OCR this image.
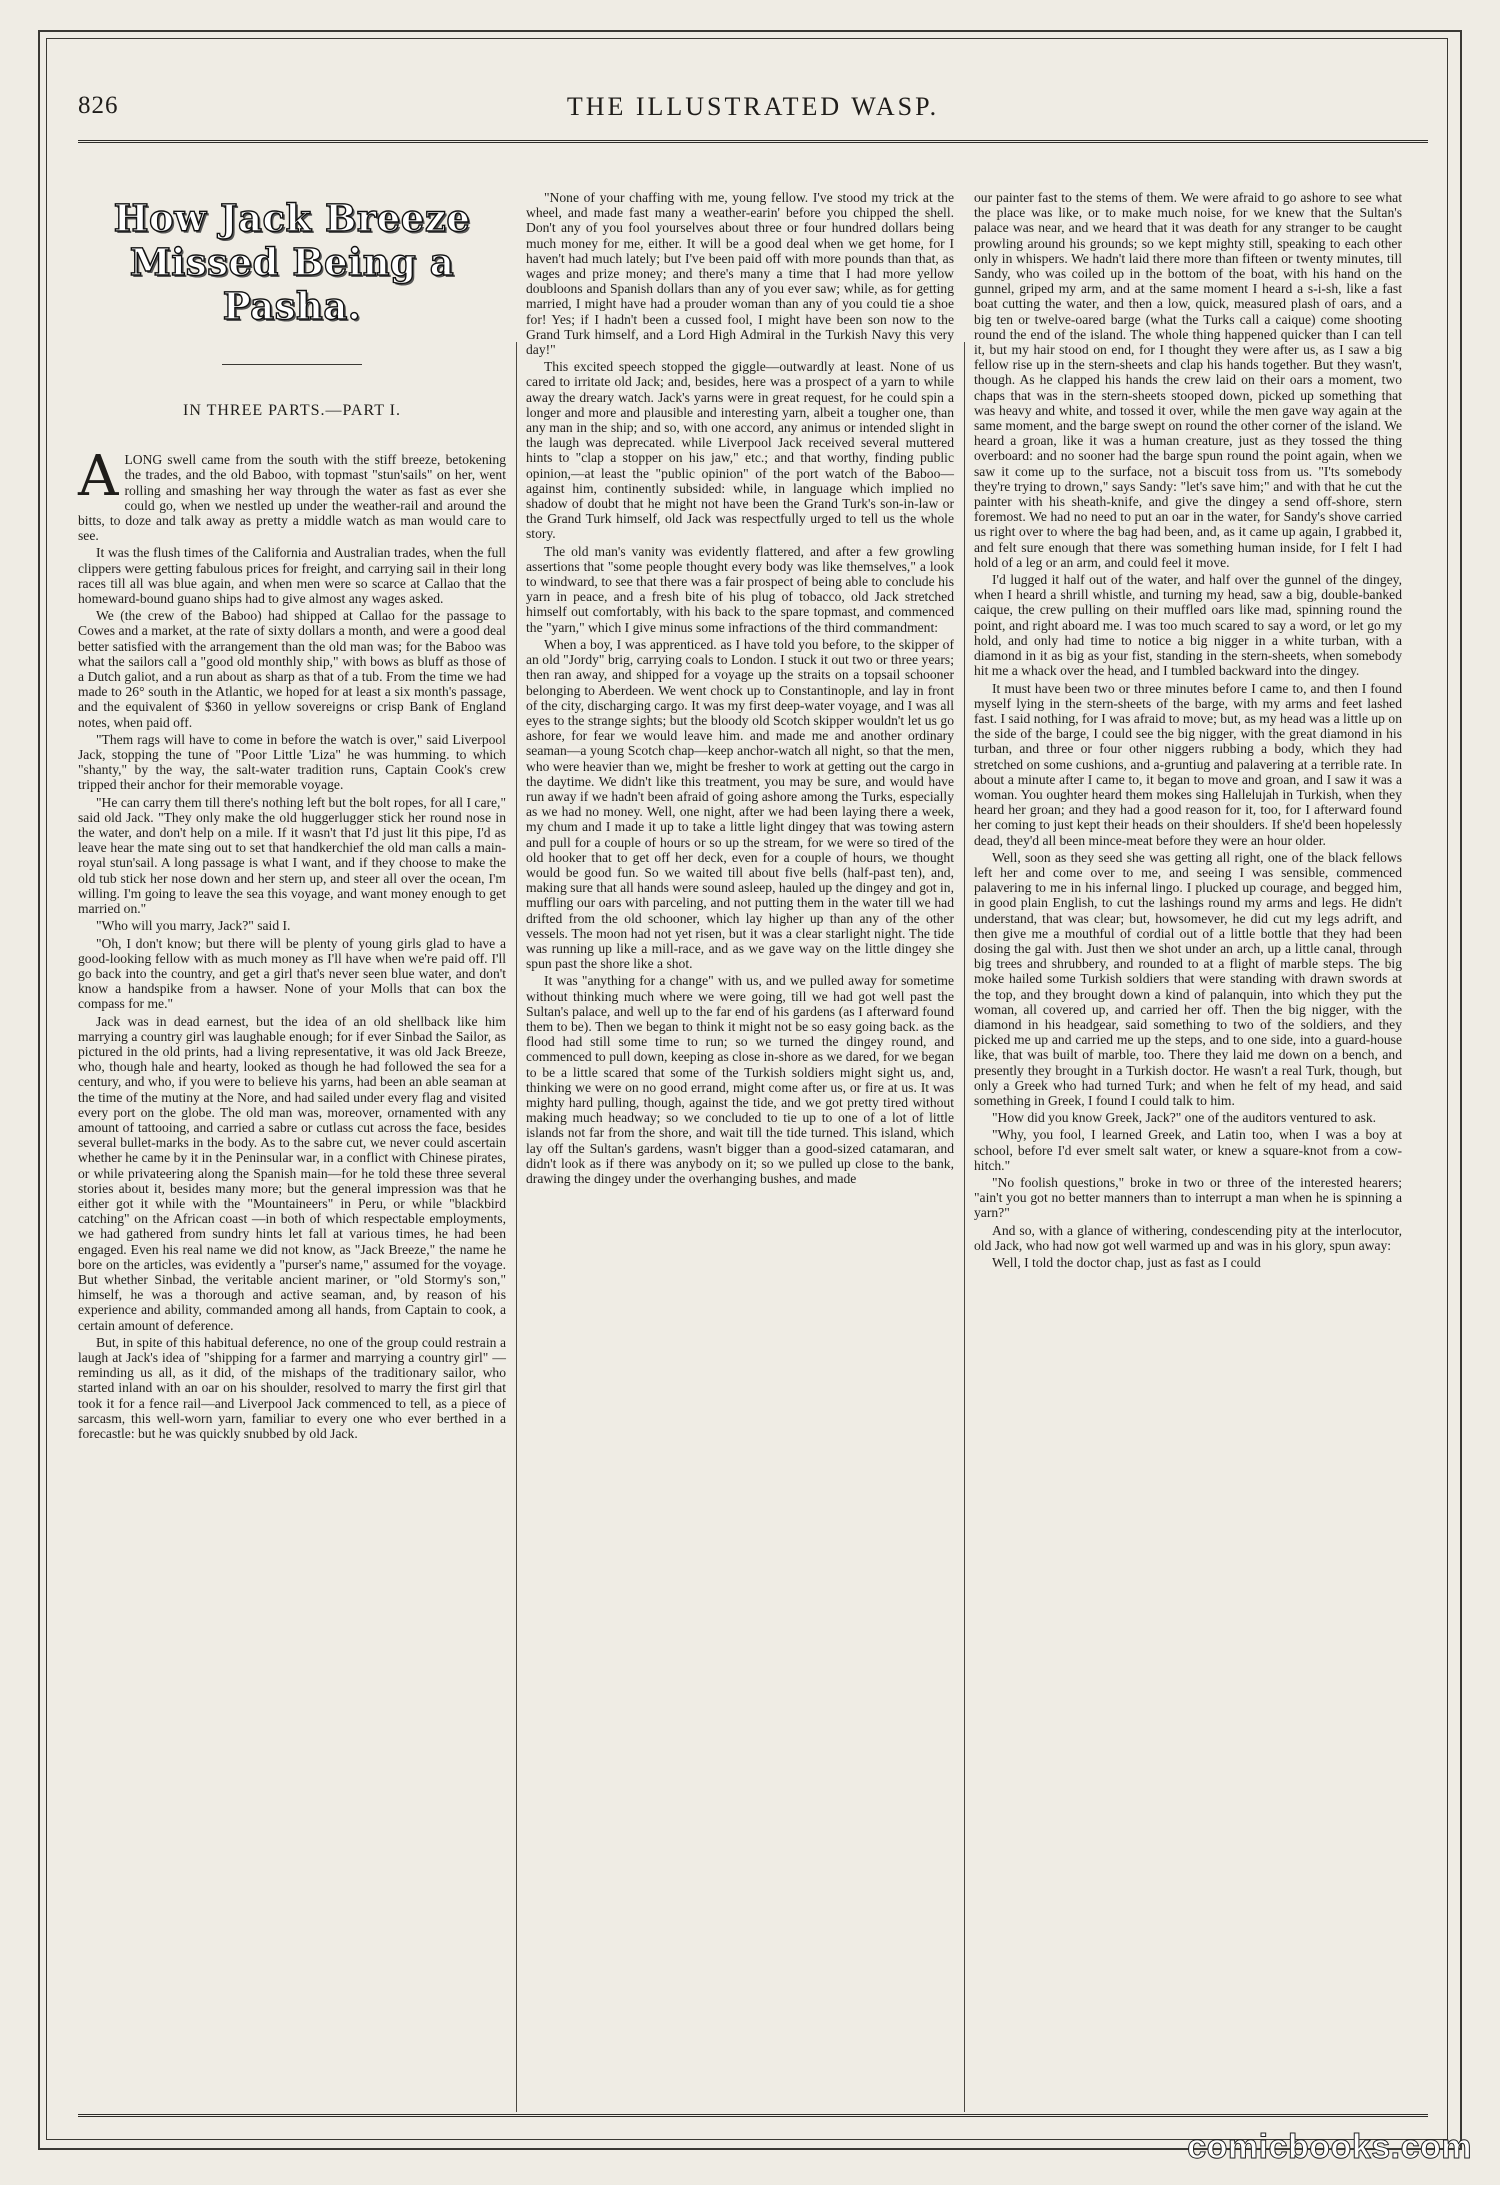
THE ILLUSTRATED WASP.
826
How Jack Breeze Missed Being a Pasha.
IN THREE PARTS.—PART I.

ALONG swell came from the south with the stiff breeze, betokening the trades, and the old Baboo, with topmast "stun'sails" on her, went rolling and smashing her way through the water as fast as ever she could go, when we nestled up under the weather-rail and around the bitts, to doze and talk away as pretty a middle watch as man would care to see.

It was the flush times of the California and Australian trades, when the full clippers were getting fabulous prices for freight, and carrying sail in their long races till all was blue again, and when men were so scarce at Callao that the homeward-bound guano ships had to give almost any wages asked.

We (the crew of the Baboo) had shipped at Callao for the passage to Cowes and a market, at the rate of sixty dollars a month, and were a good deal better satisfied with the arrangement than the old man was; for the Baboo was what the sailors call a "good old monthly ship," with bows as bluff as those of a Dutch galiot, and a run about as sharp as that of a tub. From the time we had made to 26° south in the Atlantic, we hoped for at least a six month's passage, and the equivalent of $360 in yellow sovereigns or crisp Bank of England notes, when paid off.

"Them rags will have to come in before the watch is over," said Liverpool Jack, stopping the tune of "Poor Little 'Liza" he was humming. to which "shanty," by the way, the salt-water tradition runs, Captain Cook's crew tripped their anchor for their memorable voyage.

"He can carry them till there's nothing left but the bolt ropes, for all I care," said old Jack. "They only make the old huggerlugger stick her round nose in the water, and don't help on a mile. If it wasn't that I'd just lit this pipe, I'd as leave hear the mate sing out to set that handkerchief the old man calls a main-royal stun'sail. A long passage is what I want, and if they choose to make the old tub stick her nose down and her stern up, and steer all over the ocean, I'm willing. I'm going to leave the sea this voyage, and want money enough to get married on."

"Who will you marry, Jack?" said I.

"Oh, I don't know; but there will be plenty of young girls glad to have a good-looking fellow with as much money as I'll have when we're paid off. I'll go back into the country, and get a girl that's never seen blue water, and don't know a handspike from a hawser. None of your Molls that can box the compass for me."

Jack was in dead earnest, but the idea of an old shellback like him marrying a country girl was laughable enough; for if ever Sinbad the Sailor, as pictured in the old prints, had a living representative, it was old Jack Breeze, who, though hale and hearty, looked as though he had followed the sea for a century, and who, if you were to believe his yarns, had been an able seaman at the time of the mutiny at the Nore, and had sailed under every flag and visited every port on the globe. The old man was, moreover, ornamented with any amount of tattooing, and carried a sabre or cutlass cut across the face, besides several bullet-marks in the body. As to the sabre cut, we never could ascertain whether he came by it in the Peninsular war, in a conflict with Chinese pirates, or while privateering along the Spanish main—for he told these three several stories about it, besides many more; but the general impression was that he either got it while with the "Mountaineers" in Peru, or while "blackbird catching" on the African coast —in both of which respectable employments, we had gathered from sundry hints let fall at various times, he had been engaged. Even his real name we did not know, as "Jack Breeze," the name he bore on the articles, was evidently a "purser's name," assumed for the voyage. But whether Sinbad, the veritable ancient mariner, or "old Stormy's son," himself, he was a thorough and active seaman, and, by reason of his experience and ability, commanded among all hands, from Captain to cook, a certain amount of deference.

But, in spite of this habitual deference, no one of the group could restrain a laugh at Jack's idea of "shipping for a farmer and marrying a country girl" —reminding us all, as it did, of the mishaps of the traditionary sailor, who started inland with an oar on his shoulder, resolved to marry the first girl that took it for a fence rail—and Liverpool Jack commenced to tell, as a piece of sarcasm, this well-worn yarn, familiar to every one who ever berthed in a forecastle: but he was quickly snubbed by old Jack.

"None of your chaffing with me, young fellow. I've stood my trick at the wheel, and made fast many a weather-earin' before you chipped the shell. Don't any of you fool yourselves about three or four hundred dollars being much money for me, either. It will be a good deal when we get home, for I haven't had much lately; but I've been paid off with more pounds than that, as wages and prize money; and there's many a time that I had more yellow doubloons and Spanish dollars than any of you ever saw; while, as for getting married, I might have had a prouder woman than any of you could tie a shoe for! Yes; if I hadn't been a cussed fool, I might have been son now to the Grand Turk himself, and a Lord High Admiral in the Turkish Navy this very day!"

This excited speech stopped the giggle—outwardly at least. None of us cared to irritate old Jack; and, besides, here was a prospect of a yarn to while away the dreary watch. Jack's yarns were in great request, for he could spin a longer and more and plausible and interesting yarn, albeit a tougher one, than any man in the ship; and so, with one accord, any animus or intended slight in the laugh was deprecated. while Liverpool Jack received several muttered hints to "clap a stopper on his jaw," etc.; and that worthy, finding public opinion,—at least the "public opinion" of the port watch of the Baboo—against him, continently subsided: while, in language which implied no shadow of doubt that he might not have been the Grand Turk's son-in-law or the Grand Turk himself, old Jack was respectfully urged to tell us the whole story.

The old man's vanity was evidently flattered, and after a few growling assertions that "some people thought every body was like themselves," a look to windward, to see that there was a fair prospect of being able to conclude his yarn in peace, and a fresh bite of his plug of tobacco, old Jack stretched himself out comfortably, with his back to the spare topmast, and commenced the "yarn," which I give minus some infractions of the third commandment:

When a boy, I was apprenticed. as I have told you before, to the skipper of an old "Jordy" brig, carrying coals to London. I stuck it out two or three years; then ran away, and shipped for a voyage up the straits on a topsail schooner belonging to Aberdeen. We went chock up to Constantinople, and lay in front of the city, discharging cargo. It was my first deep-water voyage, and I was all eyes to the strange sights; but the bloody old Scotch skipper wouldn't let us go ashore, for fear we would leave him. and made me and another ordinary seaman—a young Scotch chap—keep anchor-watch all night, so that the men, who were heavier than we, might be fresher to work at getting out the cargo in the daytime. We didn't like this treatment, you may be sure, and would have run away if we hadn't been afraid of going ashore among the Turks, especially as we had no money. Well, one night, after we had been laying there a week, my chum and I made it up to take a little light dingey that was towing astern and pull for a couple of hours or so up the stream, for we were so tired of the old hooker that to get off her deck, even for a couple of hours, we thought would be good fun. So we waited till about five bells (half-past ten), and, making sure that all hands were sound asleep, hauled up the dingey and got in, muffling our oars with parceling, and not putting them in the water till we had drifted from the old schooner, which lay higher up than any of the other vessels. The moon had not yet risen, but it was a clear starlight night. The tide was running up like a mill-race, and as we gave way on the little dingey she spun past the shore like a shot.

It was "anything for a change" with us, and we pulled away for sometime without thinking much where we were going, till we had got well past the Sultan's palace, and well up to the far end of his gardens (as I afterward found them to be). Then we began to think it might not be so easy going back. as the flood had still some time to run; so we turned the dingey round, and commenced to pull down, keeping as close in-shore as we dared, for we began to be a little scared that some of the Turkish soldiers might sight us, and, thinking we were on no good errand, might come after us, or fire at us. It was mighty hard pulling, though, against the tide, and we got pretty tired without making much headway; so we concluded to tie up to one of a lot of little islands not far from the shore, and wait till the tide turned. This island, which lay off the Sultan's gardens, wasn't bigger than a good-sized catamaran, and didn't look as if there was anybody on it; so we pulled up close to the bank, drawing the dingey under the overhanging bushes, and made

our painter fast to the stems of them. We were afraid to go ashore to see what the place was like, or to make much noise, for we knew that the Sultan's palace was near, and we heard that it was death for any stranger to be caught prowling around his grounds; so we kept mighty still, speaking to each other only in whispers. We hadn't laid there more than fifteen or twenty minutes, till Sandy, who was coiled up in the bottom of the boat, with his hand on the gunnel, griped my arm, and at the same moment I heard a s-i-sh, like a fast boat cutting the water, and then a low, quick, measured plash of oars, and a big ten or twelve-oared barge (what the Turks call a caique) come shooting round the end of the island. The whole thing happened quicker than I can tell it, but my hair stood on end, for I thought they were after us, as I saw a big fellow rise up in the stern-sheets and clap his hands together. But they wasn't, though. As he clapped his hands the crew laid on their oars a moment, two chaps that was in the stern-sheets stooped down, picked up something that was heavy and white, and tossed it over, while the men gave way again at the same moment, and the barge swept on round the other corner of the island. We heard a groan, like it was a human creature, just as they tossed the thing overboard: and no sooner had the barge spun round the point again, when we saw it come up to the surface, not a biscuit toss from us. "I'ts somebody they're trying to drown," says Sandy: "let's save him;" and with that he cut the painter with his sheath-knife, and give the dingey a send off-shore, stern foremost. We had no need to put an oar in the water, for Sandy's shove carried us right over to where the bag had been, and, as it came up again, I grabbed it, and felt sure enough that there was something human inside, for I felt I had hold of a leg or an arm, and could feel it move.

I'd lugged it half out of the water, and half over the gunnel of the dingey, when I heard a shrill whistle, and turning my head, saw a big, double-banked caique, the crew pulling on their muffled oars like mad, spinning round the point, and right aboard me. I was too much scared to say a word, or let go my hold, and only had time to notice a big nigger in a white turban, with a diamond in it as big as your fist, standing in the stern-sheets, when somebody hit me a whack over the head, and I tumbled backward into the dingey.

It must have been two or three minutes before I came to, and then I found myself lying in the stern-sheets of the barge, with my arms and feet lashed fast. I said nothing, for I was afraid to move; but, as my head was a little up on the side of the barge, I could see the big nigger, with the great diamond in his turban, and three or four other niggers rubbing a body, which they had stretched on some cushions, and a-gruntiug and palavering at a terrible rate. In about a minute after I came to, it began to move and groan, and I saw it was a woman. You oughter heard them mokes sing Hallelujah in Turkish, when they heard her groan; and they had a good reason for it, too, for I afterward found her coming to just kept their heads on their shoulders. If she'd been hopelessly dead, they'd all been mince-meat before they were an hour older.

Well, soon as they seed she was getting all right, one of the black fellows left her and come over to me, and seeing I was sensible, commenced palavering to me in his infernal lingo. I plucked up courage, and begged him, in good plain English, to cut the lashings round my arms and legs. He didn't understand, that was clear; but, howsomever, he did cut my legs adrift, and then give me a mouthful of cordial out of a little bottle that they had been dosing the gal with. Just then we shot under an arch, up a little canal, through big trees and shrubbery, and rounded to at a flight of marble steps. The big moke hailed some Turkish soldiers that were standing with drawn swords at the top, and they brought down a kind of palanquin, into which they put the woman, all covered up, and carried her off. Then the big nigger, with the diamond in his headgear, said something to two of the soldiers, and they picked me up and carried me up the steps, and to one side, into a guard-house like, that was built of marble, too. There they laid me down on a bench, and presently they brought in a Turkish doctor. He wasn't a real Turk, though, but only a Greek who had turned Turk; and when he felt of my head, and said something in Greek, I found I could talk to him.

"How did you know Greek, Jack?" one of the auditors ventured to ask.

"Why, you fool, I learned Greek, and Latin too, when I was a boy at school, before I'd ever smelt salt water, or knew a square-knot from a cow-hitch."

"No foolish questions," broke in two or three of the interested hearers; "ain't you got no better manners than to interrupt a man when he is spinning a yarn?"

And so, with a glance of withering, condescending pity at the interlocutor, old Jack, who had now got well warmed up and was in his glory, spun away:

Well, I told the doctor chap, just as fast as I could

comicbooks.com
